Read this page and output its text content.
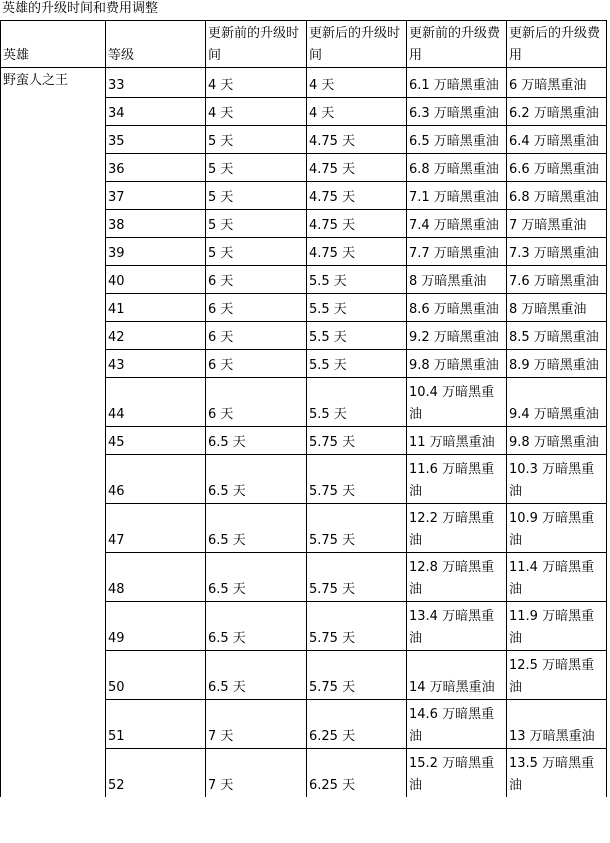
英雄的升级时间和费用调整
英雄	等级	更新前的升级时间	更新后的升级时间	更新前的升级费用	更新后的升级费用
野蛮人之王	33	4 天	4 天	6.1 万暗黑重油	6 万暗黑重油
	34	4 天	4 天	6.3 万暗黑重油	6.2 万暗黑重油
	35	5 天	4.75 天	6.5 万暗黑重油	6.4 万暗黑重油
	36	5 天	4.75 天	6.8 万暗黑重油	6.6 万暗黑重油
	37	5 天	4.75 天	7.1 万暗黑重油	6.8 万暗黑重油
	38	5 天	4.75 天	7.4 万暗黑重油	7 万暗黑重油
	39	5 天	4.75 天	7.7 万暗黑重油	7.3 万暗黑重油
	40	6 天	5.5 天	8 万暗黑重油	7.6 万暗黑重油
	41	6 天	5.5 天	8.6 万暗黑重油	8 万暗黑重油
	42	6 天	5.5 天	9.2 万暗黑重油	8.5 万暗黑重油
	43	6 天	5.5 天	9.8 万暗黑重油	8.9 万暗黑重油
	44	6 天	5.5 天	10.4 万暗黑重油	9.4 万暗黑重油
	45	6.5 天	5.75 天	11 万暗黑重油	9.8 万暗黑重油
	46	6.5 天	5.75 天	11.6 万暗黑重油	10.3 万暗黑重油
	47	6.5 天	5.75 天	12.2 万暗黑重油	10.9 万暗黑重油
	48	6.5 天	5.75 天	12.8 万暗黑重油	11.4 万暗黑重油
	49	6.5 天	5.75 天	13.4 万暗黑重油	11.9 万暗黑重油
	50	6.5 天	5.75 天	14 万暗黑重油	12.5 万暗黑重油
	51	7 天	6.25 天	14.6 万暗黑重油	13 万暗黑重油
	52	7 天	6.25 天	15.2 万暗黑重油	13.5 万暗黑重油
